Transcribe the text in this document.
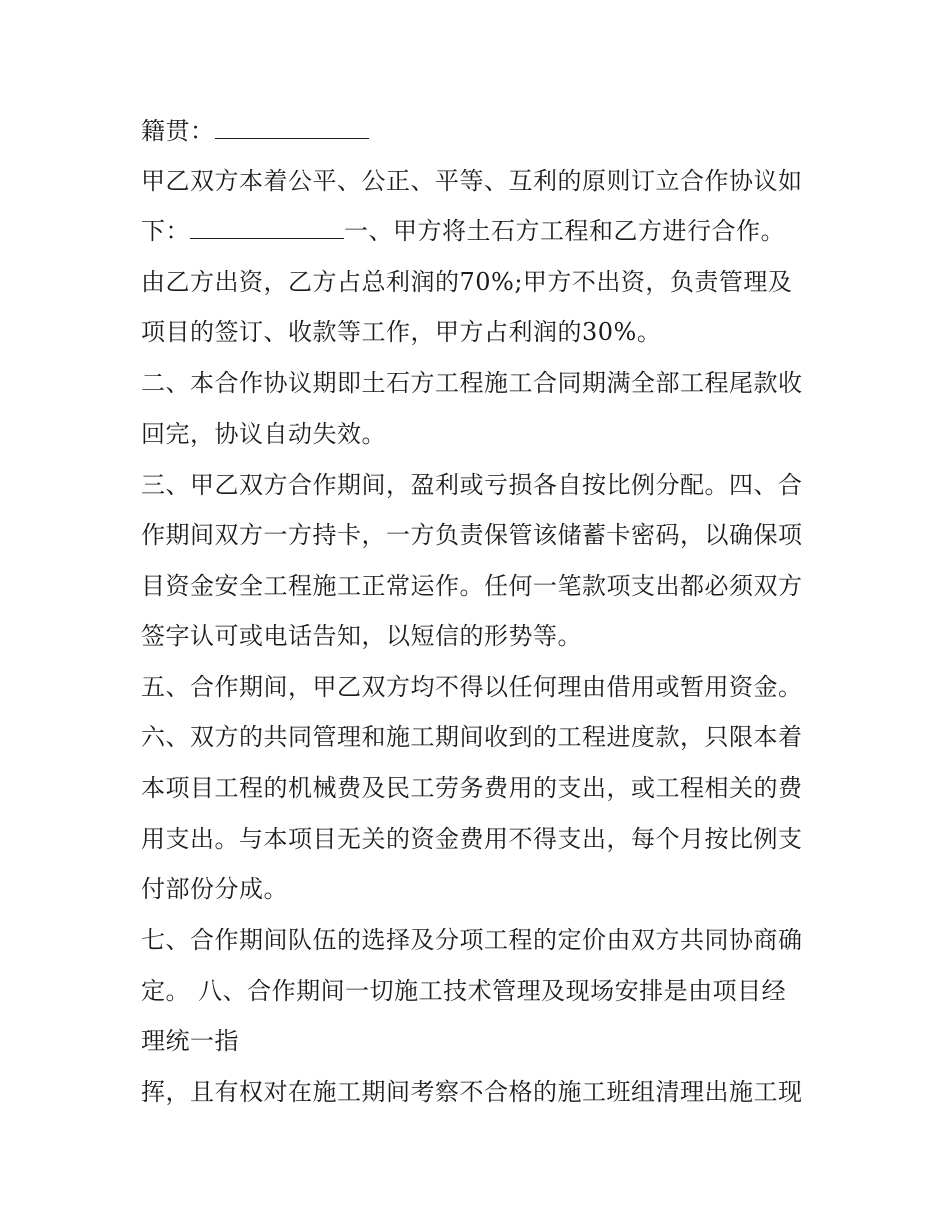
籍贯：
甲乙双方本着公平、公正、平等、互利的原则订立合作协议如
下：	一、甲方将土石方工程和乙方进行合作。
由乙方出资，乙方占总利润的70%;甲方不出资，负责管理及
项目的签订、收款等工作，甲方占利润的30%。
二、本合作协议期即土石方工程施工合同期满全部工程尾款收
回完，协议自动失效。
三、甲乙双方合作期间，盈利或亏损各自按比例分配。四、合
作期间双方一方持卡，一方负责保管该储蓄卡密码，以确保项
目资金安全工程施工正常运作。任何一笔款项支出都必须双方
签字认可或电话告知，以短信的形势等。
五、合作期间，甲乙双方均不得以任何理由借用或暂用资金。
六、双方的共同管理和施工期间收到的工程进度款，只限本着
本项目工程的机械费及民工劳务费用的支出，或工程相关的费
用支出。与本项目无关的资金费用不得支出，每个月按比例支
付部份分成。
七、合作期间队伍的选择及分项工程的定价由双方共同协商确
定。 八、合作期间一切施工技术管理及现场安排是由项目经
理统一指
挥，且有权对在施工期间考察不合格的施工班组清理出施工现
